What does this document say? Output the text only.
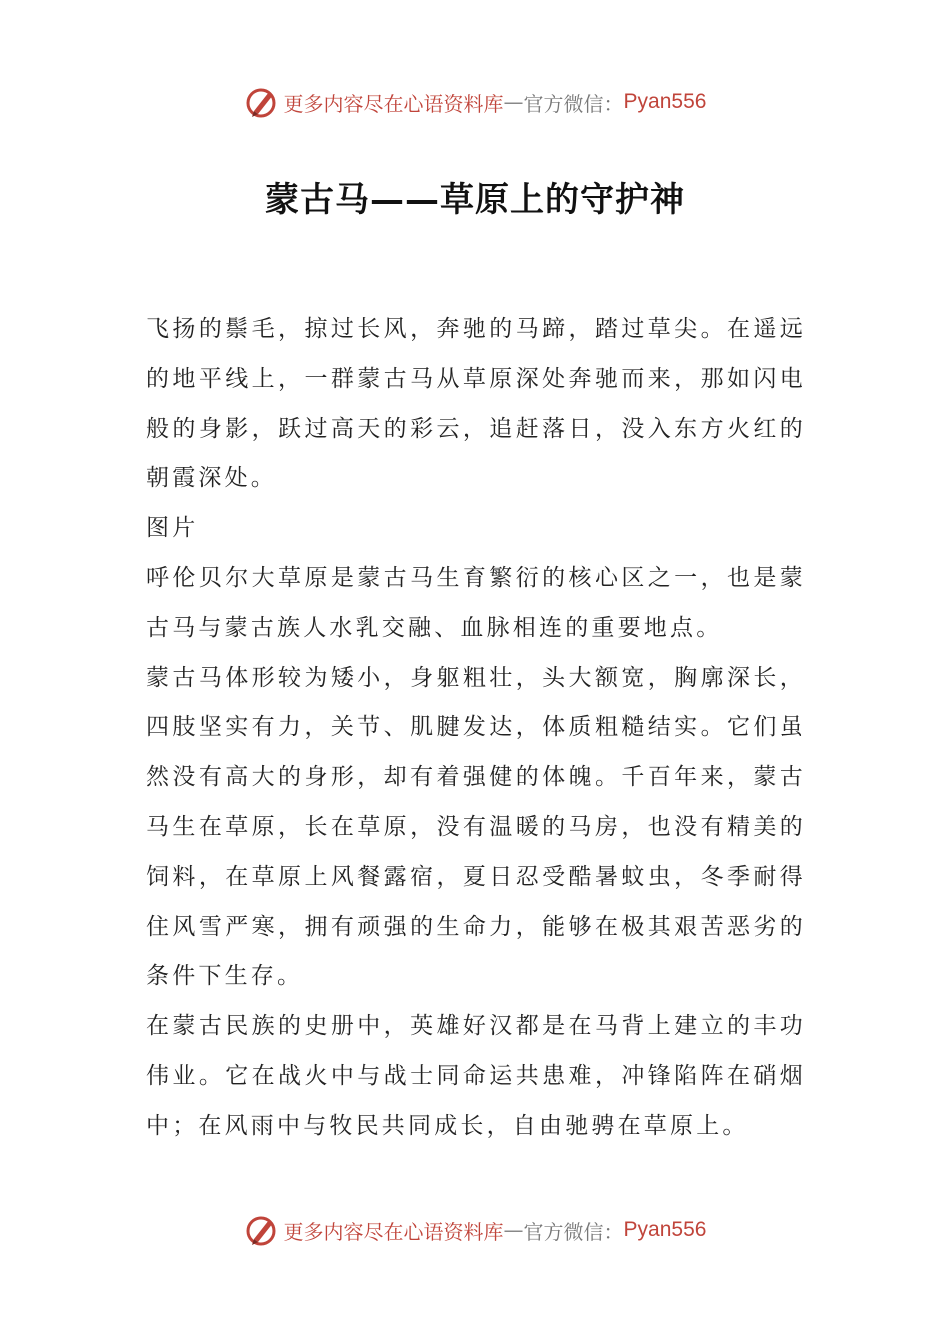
更多内容尽在心语资料库 — 官方微信： Pyan556
蒙古马——草原上的守护神

飞扬的鬃毛，掠过长风，奔驰的马蹄，踏过草尖。在遥远的地平线上，一群蒙古马从草原深处奔驰而来，那如闪电般的身影，跃过高天的彩云，追赶落日，没入东方火红的朝霞深处。

图片

呼伦贝尔大草原是蒙古马生育繁衍的核心区之一，也是蒙古马与蒙古族人水乳交融、血脉相连的重要地点。

蒙古马体形较为矮小，身躯粗壮，头大额宽，胸廓深长，四肢坚实有力，关节、肌腱发达，体质粗糙结实。它们虽然没有高大的身形，却有着强健的体魄。千百年来，蒙古马生在草原，长在草原，没有温暖的马房，也没有精美的饲料，在草原上风餐露宿，夏日忍受酷暑蚊虫，冬季耐得住风雪严寒，拥有顽强的生命力，能够在极其艰苦恶劣的条件下生存。

在蒙古民族的史册中，英雄好汉都是在马背上建立的丰功伟业。它在战火中与战士同命运共患难，冲锋陷阵在硝烟中；在风雨中与牧民共同成长，自由驰骋在草原上。

更多内容尽在心语资料库 — 官方微信： Pyan556
